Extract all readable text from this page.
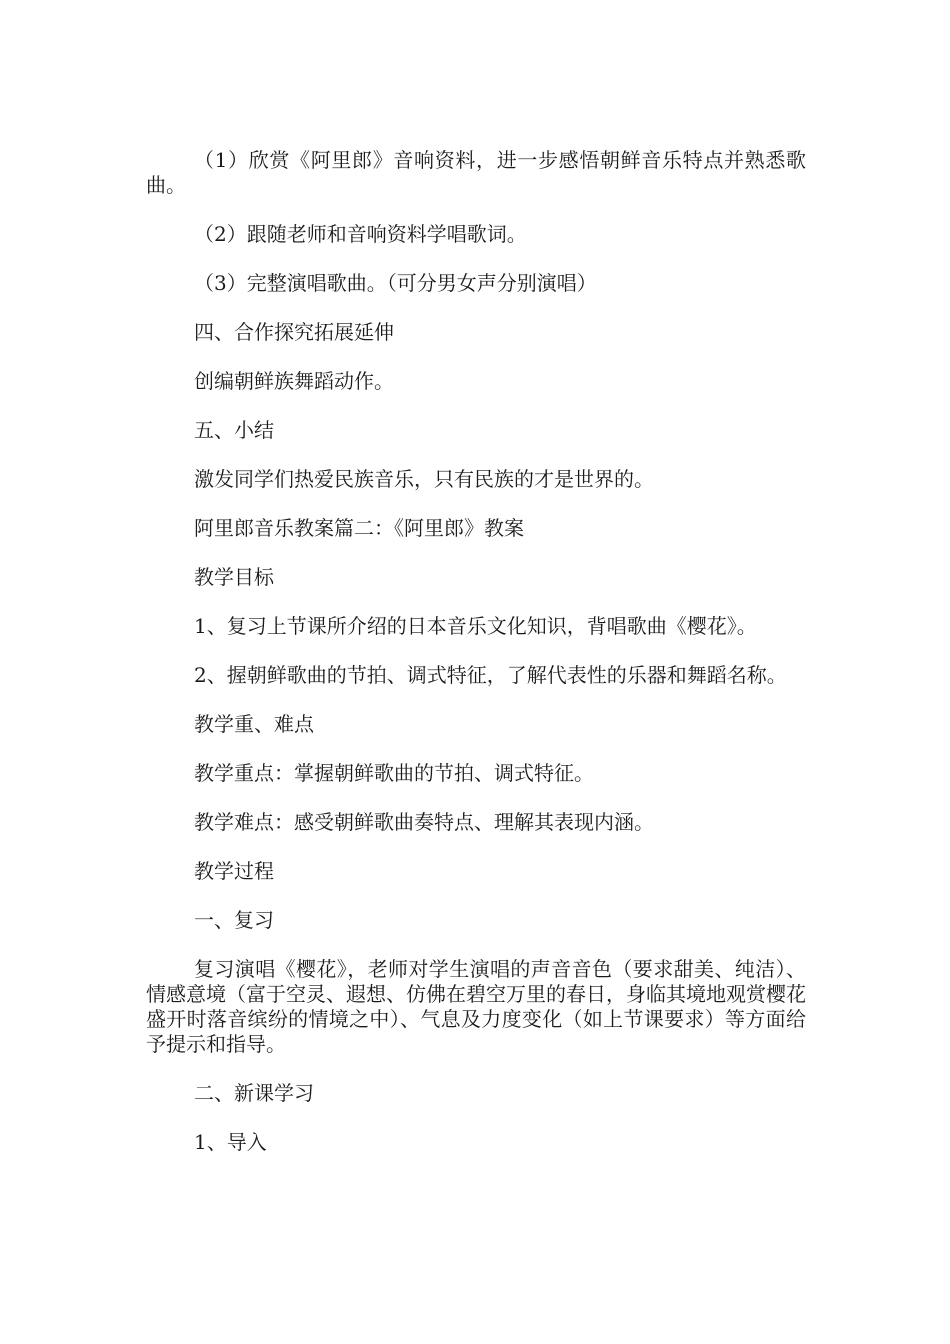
（1）欣赏《阿里郎》音响资料，进一步感悟朝鲜音乐特点并熟悉歌曲。

（2）跟随老师和音响资料学唱歌词。

（3）完整演唱歌曲。（可分男女声分别演唱）

四、合作探究拓展延伸

创编朝鲜族舞蹈动作。

五、小结

激发同学们热爱民族音乐，只有民族的才是世界的。

阿里郎音乐教案篇二：《阿里郎》教案

教学目标

1、复习上节课所介绍的日本音乐文化知识，背唱歌曲《樱花》。

2、握朝鲜歌曲的节拍、调式特征，了解代表性的乐器和舞蹈名称。

教学重、难点

教学重点：掌握朝鲜歌曲的节拍、调式特征。

教学难点：感受朝鲜歌曲奏特点、理解其表现内涵。

教学过程

一、复习

复习演唱《樱花》，老师对学生演唱的声音音色（要求甜美、纯洁）、情感意境（富于空灵、遐想、仿佛在碧空万里的春日，身临其境地观赏樱花盛开时落音缤纷的情境之中）、气息及力度变化（如上节课要求）等方面给予提示和指导。

二、新课学习

1、导入
